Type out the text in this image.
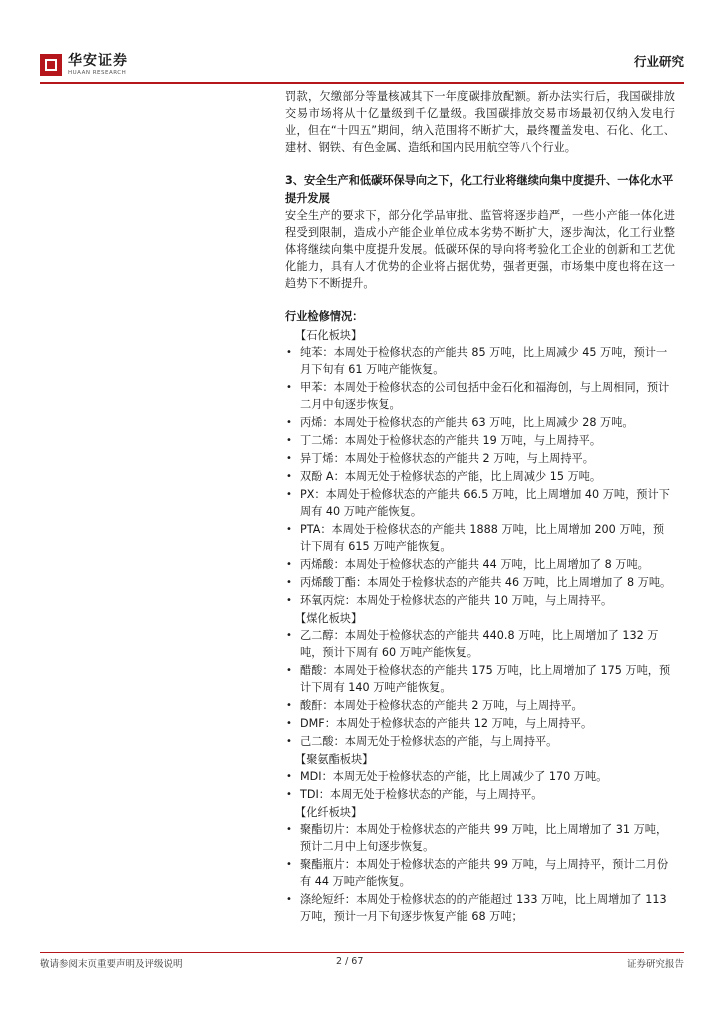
华安证券
HUAAN RESEARCH
行业研究

罚款，欠缴部分等量核减其下一年度碳排放配额。新办法实行后，我国碳排放交易市场将从十亿量级到千亿量级。我国碳排放交易市场最初仅纳入发电行业，但在“十四五”期间，纳入范围将不断扩大，最终覆盖发电、石化、化工、建材、钢铁、有色金属、造纸和国内民用航空等八个行业。

3、安全生产和低碳环保导向之下，化工行业将继续向集中度提升、一体化水平提升发展

安全生产的要求下，部分化学品审批、监管将逐步趋严，一些小产能一体化进程受到限制，造成小产能企业单位成本劣势不断扩大，逐步淘汰，化工行业整体将继续向集中度提升发展。低碳环保的导向将考验化工企业的创新和工艺优化能力，具有人才优势的企业将占据优势，强者更强，市场集中度也将在这一趋势下不断提升。

行业检修情况：

【石化板块】

• 纯苯：本周处于检修状态的产能共 85 万吨，比上周减少 45 万吨，预计一月下旬有 61 万吨产能恢复。
• 甲苯：本周处于检修状态的公司包括中金石化和福海创，与上周相同，预计二月中旬逐步恢复。
• 丙烯：本周处于检修状态的产能共 63 万吨，比上周减少 28 万吨。
• 丁二烯：本周处于检修状态的产能共 19 万吨，与上周持平。
• 异丁烯：本周处于检修状态的产能共 2 万吨，与上周持平。
• 双酚 A：本周无处于检修状态的产能，比上周减少 15 万吨。
• PX：本周处于检修状态的产能共 66.5 万吨，比上周增加 40 万吨，预计下周有 40 万吨产能恢复。
• PTA：本周处于检修状态的产能共 1888 万吨，比上周增加 200 万吨，预计下周有 615 万吨产能恢复。
• 丙烯酸：本周处于检修状态的产能共 44 万吨，比上周增加了 8 万吨。
• 丙烯酸丁酯：本周处于检修状态的产能共 46 万吨，比上周增加了 8 万吨。
• 环氧丙烷：本周处于检修状态的产能共 10 万吨，与上周持平。

【煤化板块】

• 乙二醇：本周处于检修状态的产能共 440.8 万吨，比上周增加了 132 万吨，预计下周有 60 万吨产能恢复。
• 醋酸：本周处于检修状态的产能共 175 万吨，比上周增加了 175 万吨，预计下周有 140 万吨产能恢复。
• 酸酐：本周处于检修状态的产能共 2 万吨，与上周持平。
• DMF：本周处于检修状态的产能共 12 万吨，与上周持平。
• 己二酸：本周无处于检修状态的产能，与上周持平。

【聚氨酯板块】

• MDI：本周无处于检修状态的产能，比上周减少了 170 万吨。
• TDI：本周无处于检修状态的产能，与上周持平。

【化纤板块】

• 聚酯切片：本周处于检修状态的产能共 99 万吨，比上周增加了 31 万吨，预计二月中上旬逐步恢复。
• 聚酯瓶片：本周处于检修状态的产能共 99 万吨，与上周持平，预计二月份有 44 万吨产能恢复。
• 涤纶短纤：本周处于检修状态的的产能超过 133 万吨，比上周增加了 113 万吨，预计一月下旬逐步恢复产能 68 万吨；
敬请参阅末页重要声明及评级说明	2 / 67	证券研究报告
